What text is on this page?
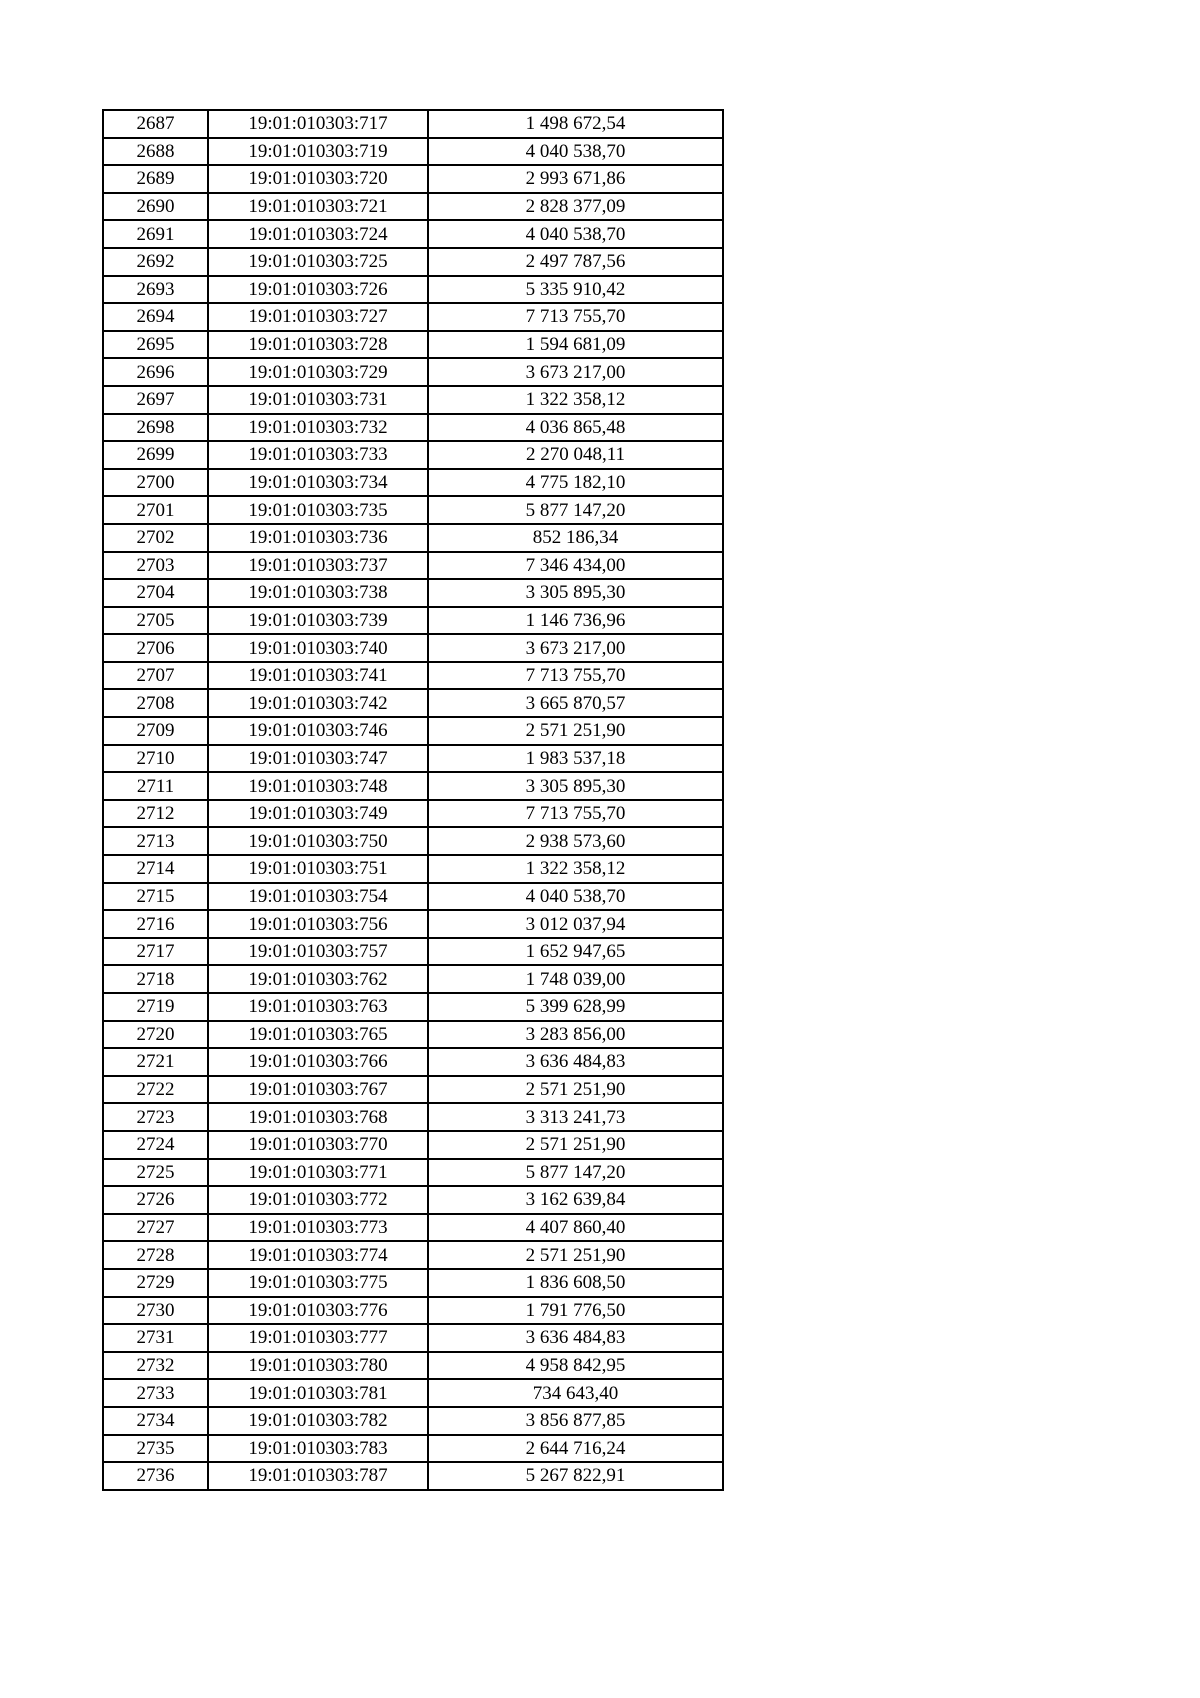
2687	19:01:010303:717	1 498 672,54
2688	19:01:010303:719	4 040 538,70
2689	19:01:010303:720	2 993 671,86
2690	19:01:010303:721	2 828 377,09
2691	19:01:010303:724	4 040 538,70
2692	19:01:010303:725	2 497 787,56
2693	19:01:010303:726	5 335 910,42
2694	19:01:010303:727	7 713 755,70
2695	19:01:010303:728	1 594 681,09
2696	19:01:010303:729	3 673 217,00
2697	19:01:010303:731	1 322 358,12
2698	19:01:010303:732	4 036 865,48
2699	19:01:010303:733	2 270 048,11
2700	19:01:010303:734	4 775 182,10
2701	19:01:010303:735	5 877 147,20
2702	19:01:010303:736	852 186,34
2703	19:01:010303:737	7 346 434,00
2704	19:01:010303:738	3 305 895,30
2705	19:01:010303:739	1 146 736,96
2706	19:01:010303:740	3 673 217,00
2707	19:01:010303:741	7 713 755,70
2708	19:01:010303:742	3 665 870,57
2709	19:01:010303:746	2 571 251,90
2710	19:01:010303:747	1 983 537,18
2711	19:01:010303:748	3 305 895,30
2712	19:01:010303:749	7 713 755,70
2713	19:01:010303:750	2 938 573,60
2714	19:01:010303:751	1 322 358,12
2715	19:01:010303:754	4 040 538,70
2716	19:01:010303:756	3 012 037,94
2717	19:01:010303:757	1 652 947,65
2718	19:01:010303:762	1 748 039,00
2719	19:01:010303:763	5 399 628,99
2720	19:01:010303:765	3 283 856,00
2721	19:01:010303:766	3 636 484,83
2722	19:01:010303:767	2 571 251,90
2723	19:01:010303:768	3 313 241,73
2724	19:01:010303:770	2 571 251,90
2725	19:01:010303:771	5 877 147,20
2726	19:01:010303:772	3 162 639,84
2727	19:01:010303:773	4 407 860,40
2728	19:01:010303:774	2 571 251,90
2729	19:01:010303:775	1 836 608,50
2730	19:01:010303:776	1 791 776,50
2731	19:01:010303:777	3 636 484,83
2732	19:01:010303:780	4 958 842,95
2733	19:01:010303:781	734 643,40
2734	19:01:010303:782	3 856 877,85
2735	19:01:010303:783	2 644 716,24
2736	19:01:010303:787	5 267 822,91
